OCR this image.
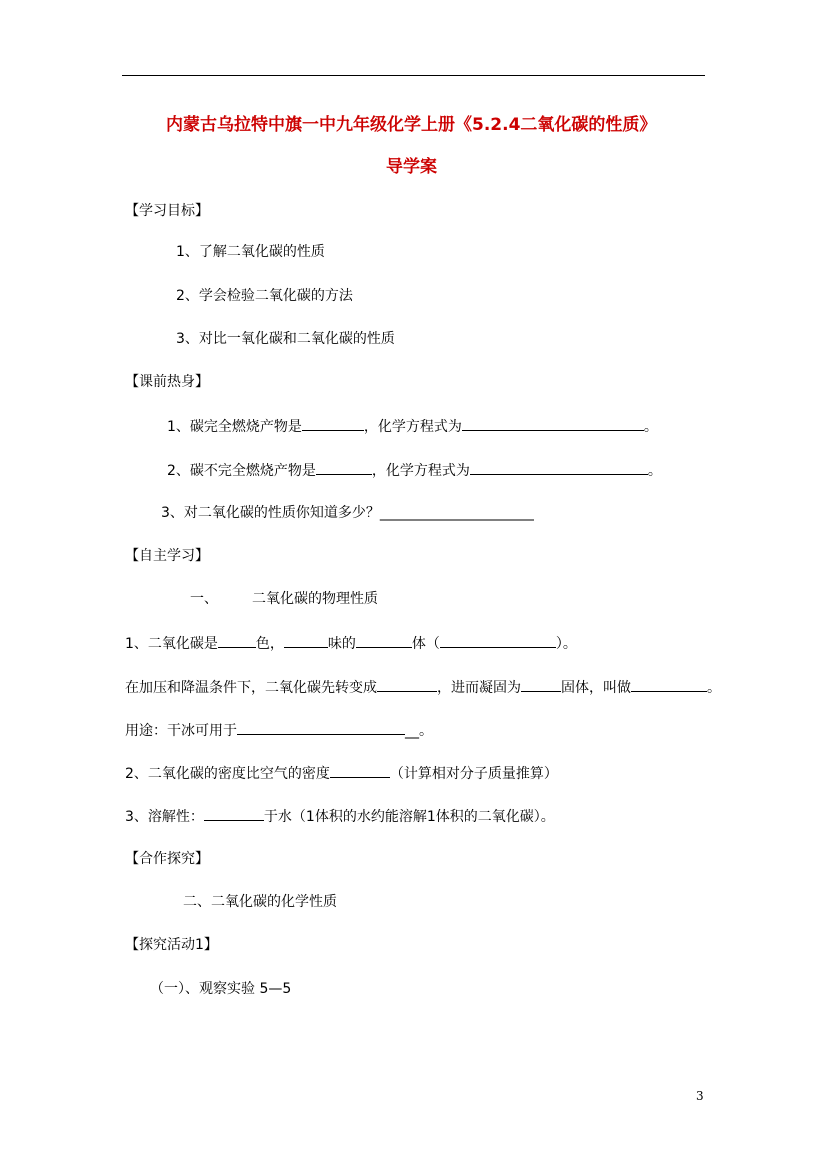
内蒙古乌拉特中旗一中九年级化学上册《5.2.4二氧化碳的性质》
导学案
【学习目标】
1、了解二氧化碳的性质
2、学会检验二氧化碳的方法
3、对比一氧化碳和二氧化碳的性质
【课前热身】
1、碳完全燃烧产物是	，化学方程式为	。
2、碳不完全燃烧产物是	，化学方程式为	。
3、对二氧化碳的性质你知道多少？______________________
【自主学习】
一、 二氧化碳的物理性质
1、二氧化碳是	色，	味的	体（	）。
在加压和降温条件下，二氧化碳先转变成	，进而凝固为	固体，叫做	。
用途：干冰可用于	__。
2、二氧化碳的密度比空气的密度	（计算相对分子质量推算）
3、溶解性：	于水（1体积的水约能溶解1体积的二氧化碳）。
【合作探究】
二、二氧化碳的化学性质
【探究活动1】
（一）、观察实验 5—5
3
